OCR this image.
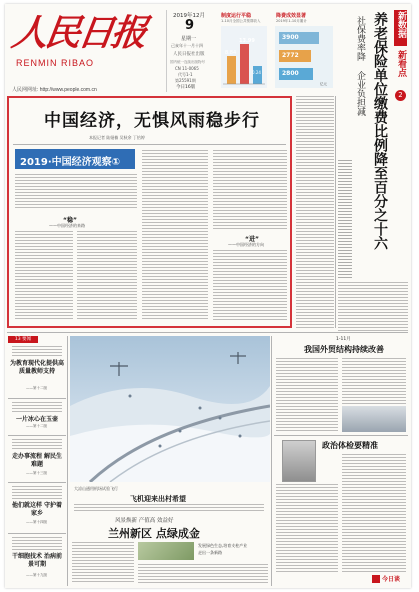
人民日报
RENMIN RIBAO
人民网网址: http://www.people.com.cn
2019年12月
9
星期一
己亥年十一月十四
人民日报社出版
国内统一连续出版物号
CN 11-0065
代号1-1
第25591期
今日16版
制度运行平稳
1-10月全国公共预算收入
13.99
8.84
0.24
降费成效显著
2019年1-10月累计
3900
2772
2800
亿元
新数据
新看点
2
养老保险单位缴费比例降至百分之十六
社保费率降 企业负担减
中国经济，无惧风雨稳步行
本报记者 陆娅楠 吴秋余 丁怡婷
2019·中国经济观察①
“稳”
——中国经济的来路
“进”
——中国经济的方向
13 要闻
为教育现代化提供高质量教师支持
——第十二版
一片冰心在玉壶
——第十二版
走办事流程 解民生难题
——第十三版
他们就这样 守护着家乡
——第十四版
干细胞技术 治病前景可期
——第十九版
大凉山通用机场试验飞行
飞机迎来出村希望
风景焕新 产值高 效益好
兰州新区 点绿成金
发展绿色生态,培育支柱产业
走出一条新路
1-11月
我国外贸结构持续改善
政治体检要精准
今日谈
